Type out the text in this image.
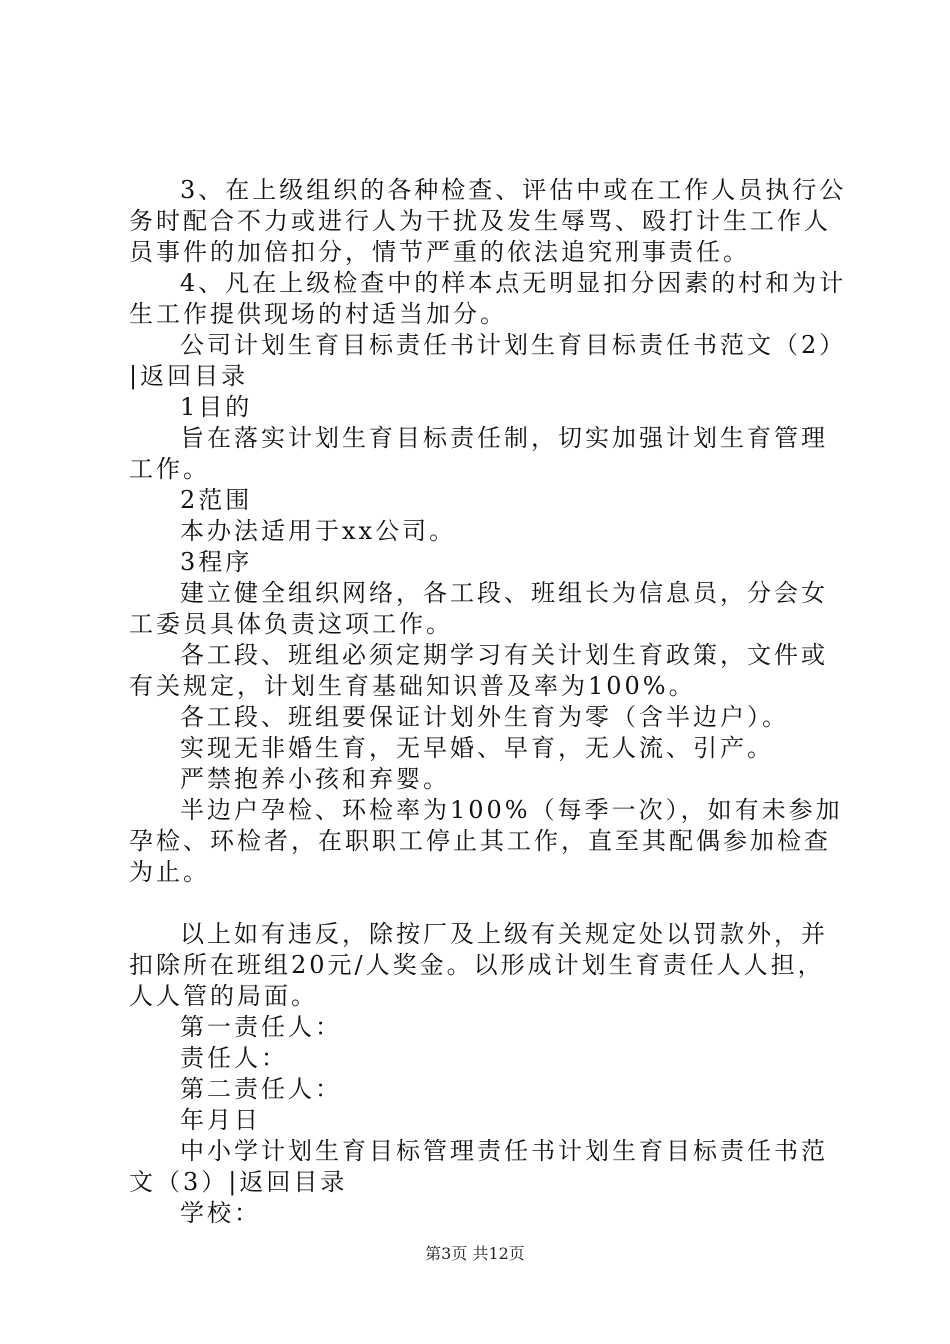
3、在上级组织的各种检查、评估中或在工作人员执行公务时配合不力或进行人为干扰及发生辱骂、殴打计生工作人员事件的加倍扣分，情节严重的依法追究刑事责任。

4、凡在上级检查中的样本点无明显扣分因素的村和为计生工作提供现场的村适当加分。

公司计划生育目标责任书计划生育目标责任书范文（2）|返回目录

1目的

旨在落实计划生育目标责任制，切实加强计划生育管理工作。

2范围

本办法适用于xx公司。

3程序

建立健全组织网络，各工段、班组长为信息员，分会女工委员具体负责这项工作。

各工段、班组必须定期学习有关计划生育政策，文件或有关规定，计划生育基础知识普及率为100%。

各工段、班组要保证计划外生育为零（含半边户）。

实现无非婚生育，无早婚、早育，无人流、引产。

严禁抱养小孩和弃婴。

半边户孕检、环检率为100%（每季一次），如有未参加孕检、环检者，在职职工停止其工作，直至其配偶参加检查为止。

以上如有违反，除按厂及上级有关规定处以罚款外，并扣除所在班组20元/人奖金。以形成计划生育责任人人担，人人管的局面。

第一责任人：

责任人：

第二责任人：

年月日

中小学计划生育目标管理责任书计划生育目标责任书范文（3）|返回目录

学校：

第3页 共12页
